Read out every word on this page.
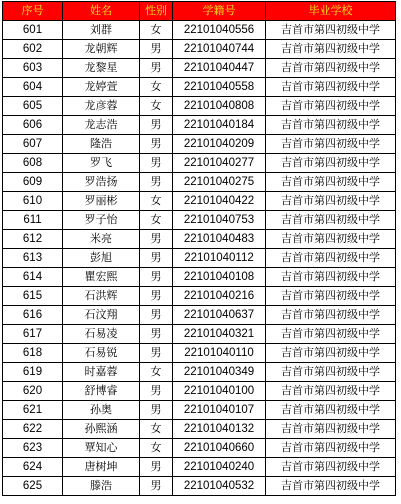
序号	姓名	性别	学籍号	毕业学校
601	刘群	女	22101040556	吉首市第四初级中学
602	龙朝辉	男	22101040744	吉首市第四初级中学
603	龙黎星	男	22101040447	吉首市第四初级中学
604	龙婷萱	女	22101040558	吉首市第四初级中学
605	龙彦蓉	女	22101040808	吉首市第四初级中学
606	龙志浩	男	22101040184	吉首市第四初级中学
607	隆浩	男	22101040209	吉首市第四初级中学
608	罗飞	男	22101040277	吉首市第四初级中学
609	罗浩扬	男	22101040275	吉首市第四初级中学
610	罗丽彬	女	22101040422	吉首市第四初级中学
611	罗子怡	女	22101040753	吉首市第四初级中学
612	米亮	男	22101040483	吉首市第四初级中学
613	彭旭	男	22101040112	吉首市第四初级中学
614	瞿宏熙	男	22101040108	吉首市第四初级中学
615	石洪辉	男	22101040216	吉首市第四初级中学
616	石汶翔	男	22101040637	吉首市第四初级中学
617	石易凌	男	22101040321	吉首市第四初级中学
618	石易锐	男	22101040110	吉首市第四初级中学
619	时嘉蓉	女	22101040349	吉首市第四初级中学
620	舒博睿	男	22101040100	吉首市第四初级中学
621	孙奥	男	22101040107	吉首市第四初级中学
622	孙熙涵	女	22101040132	吉首市第四初级中学
623	覃知心	女	22101040660	吉首市第四初级中学
624	唐树坤	男	22101040240	吉首市第四初级中学
625	滕浩	男	22101040532	吉首市第四初级中学
